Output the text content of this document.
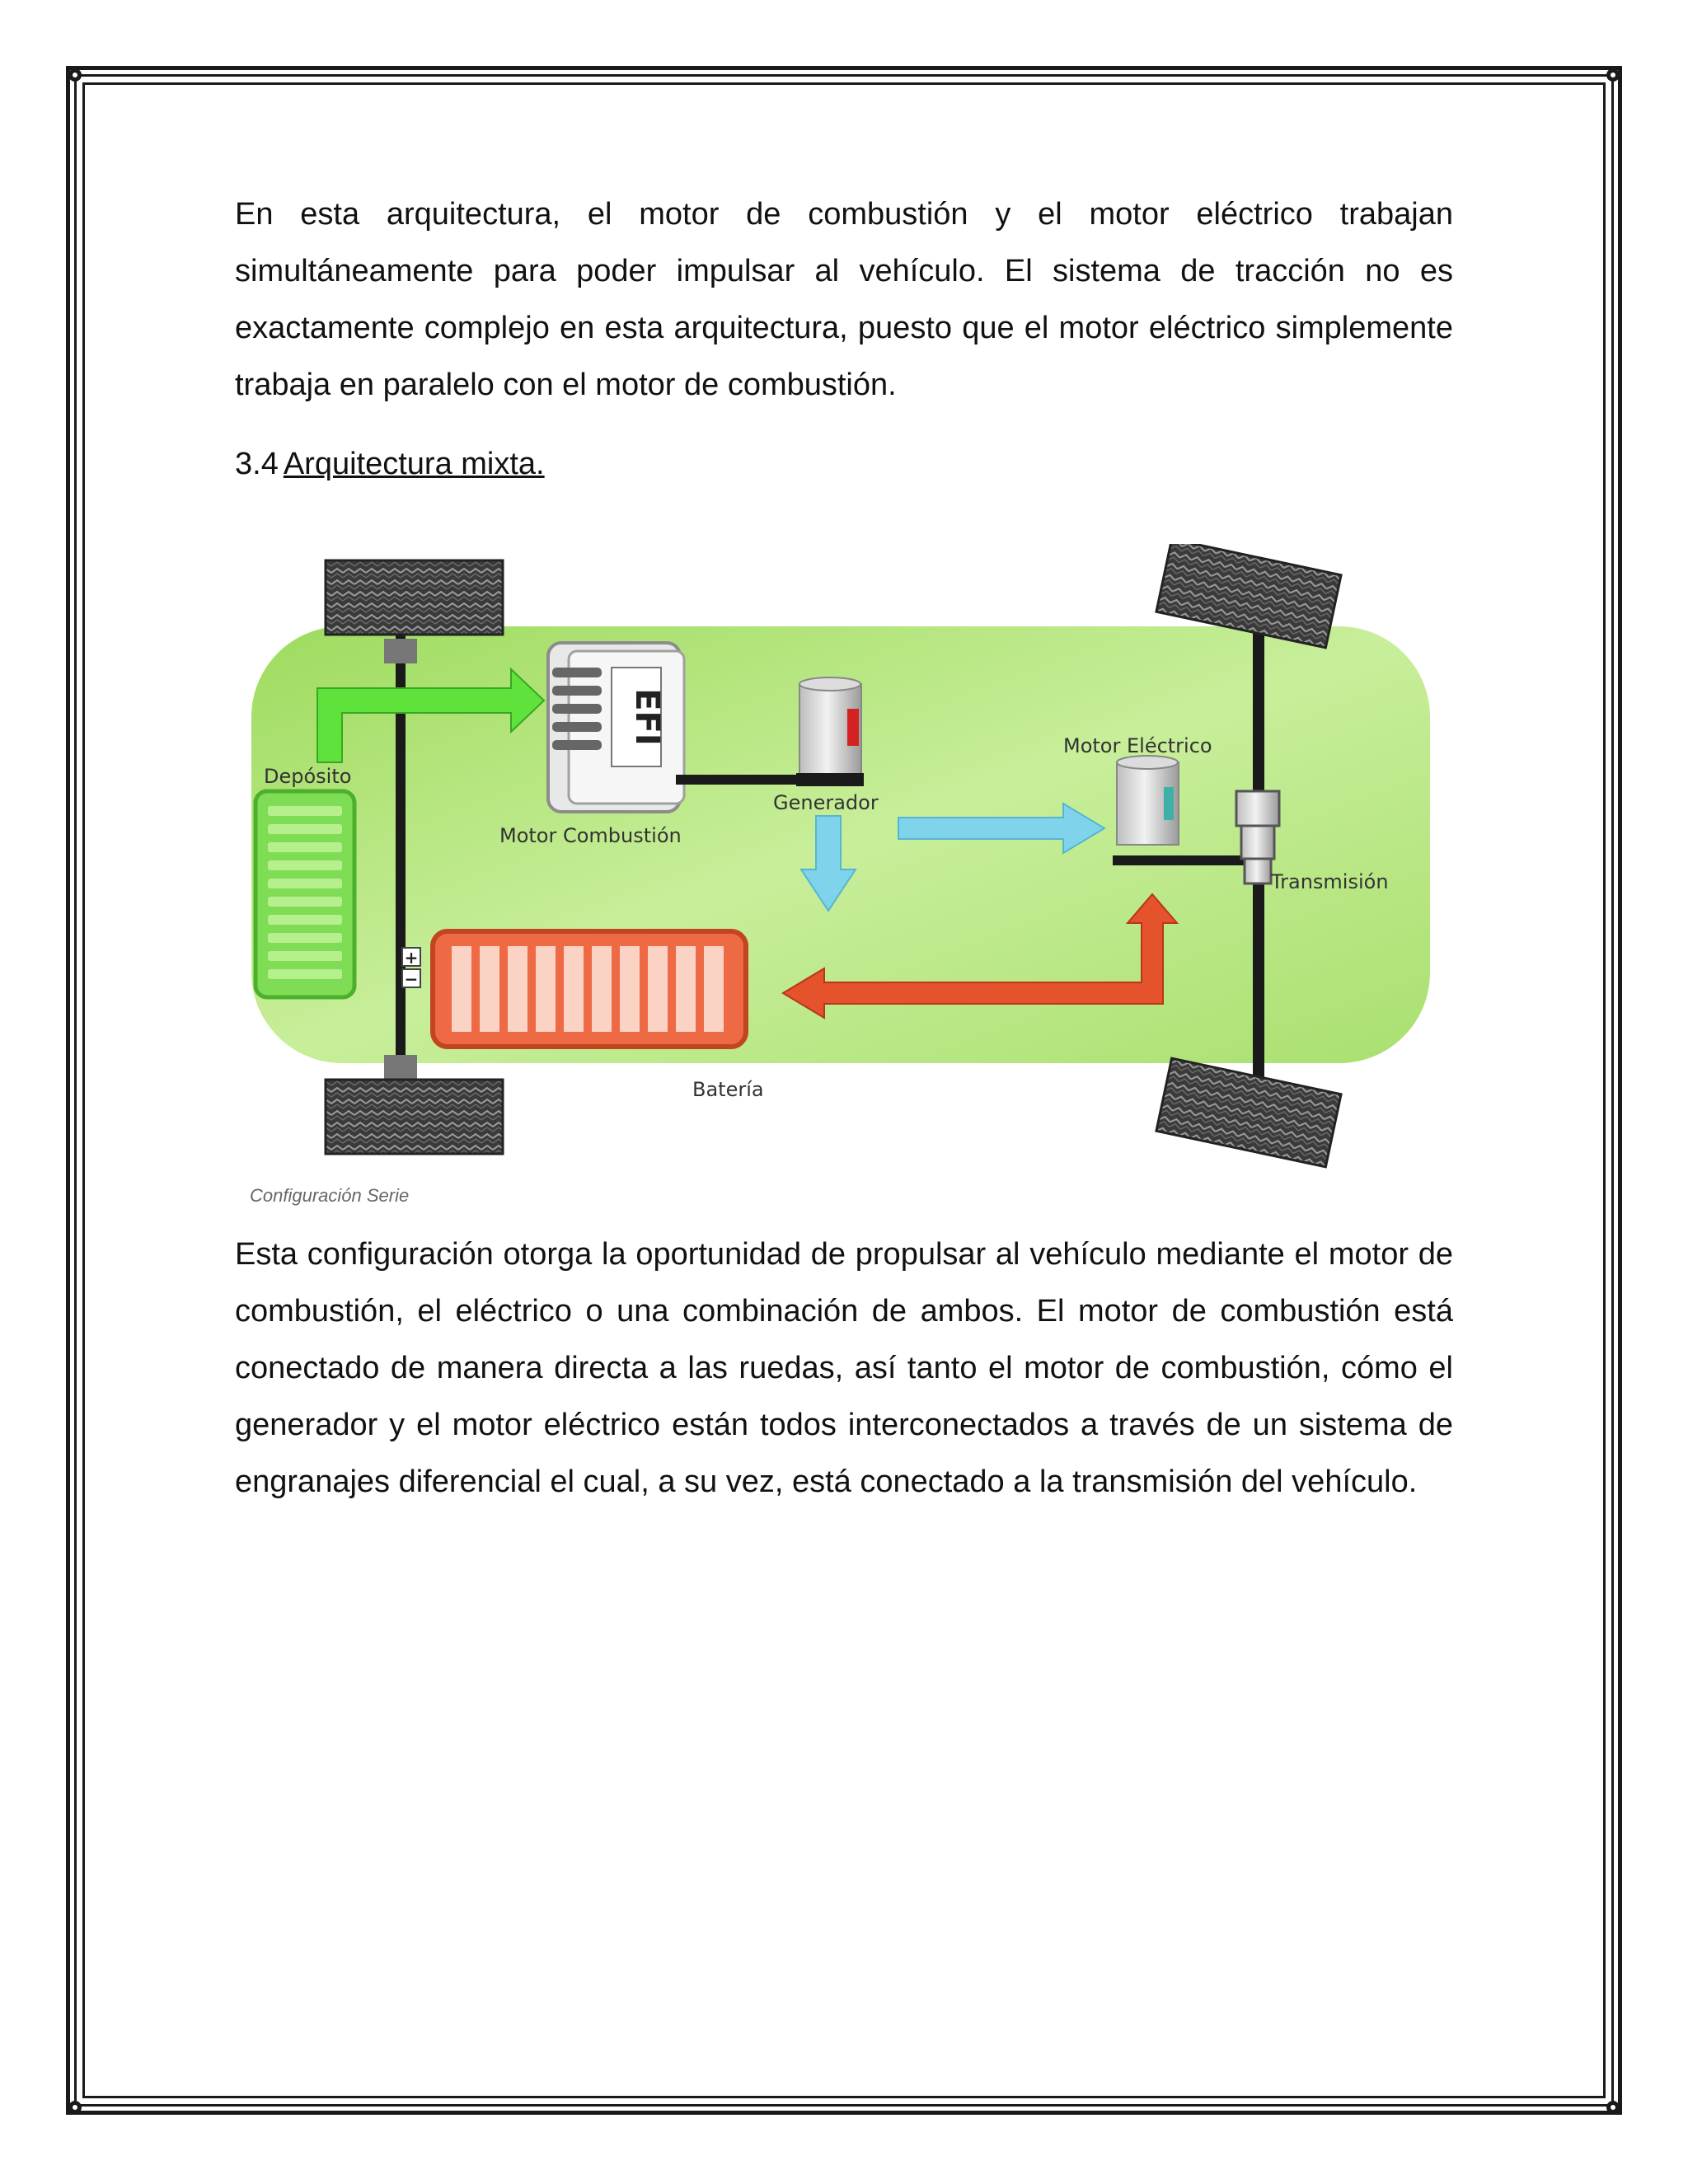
En esta arquitectura, el motor de combustión y el motor eléctrico trabajan simultáneamente para poder impulsar al vehículo. El sistema de tracción no es exactamente complejo en esta arquitectura, puesto que el motor eléctrico simplemente trabaja en paralelo con el motor de combustión.

3.4 Arquitectura mixta.
EFI
+
−
Depósito
Motor Combustión
Generador
Motor Eléctrico
Transmisión
Batería

Configuración Serie

Esta configuración otorga la oportunidad de propulsar al vehículo mediante el motor de combustión, el eléctrico o una combinación de ambos. El motor de combustión está conectado de manera directa a las ruedas, así tanto el motor de combustión, cómo el generador y el motor eléctrico están todos interconectados a través de un sistema de engranajes diferencial el cual, a su vez, está conectado a la transmisión del vehículo.
